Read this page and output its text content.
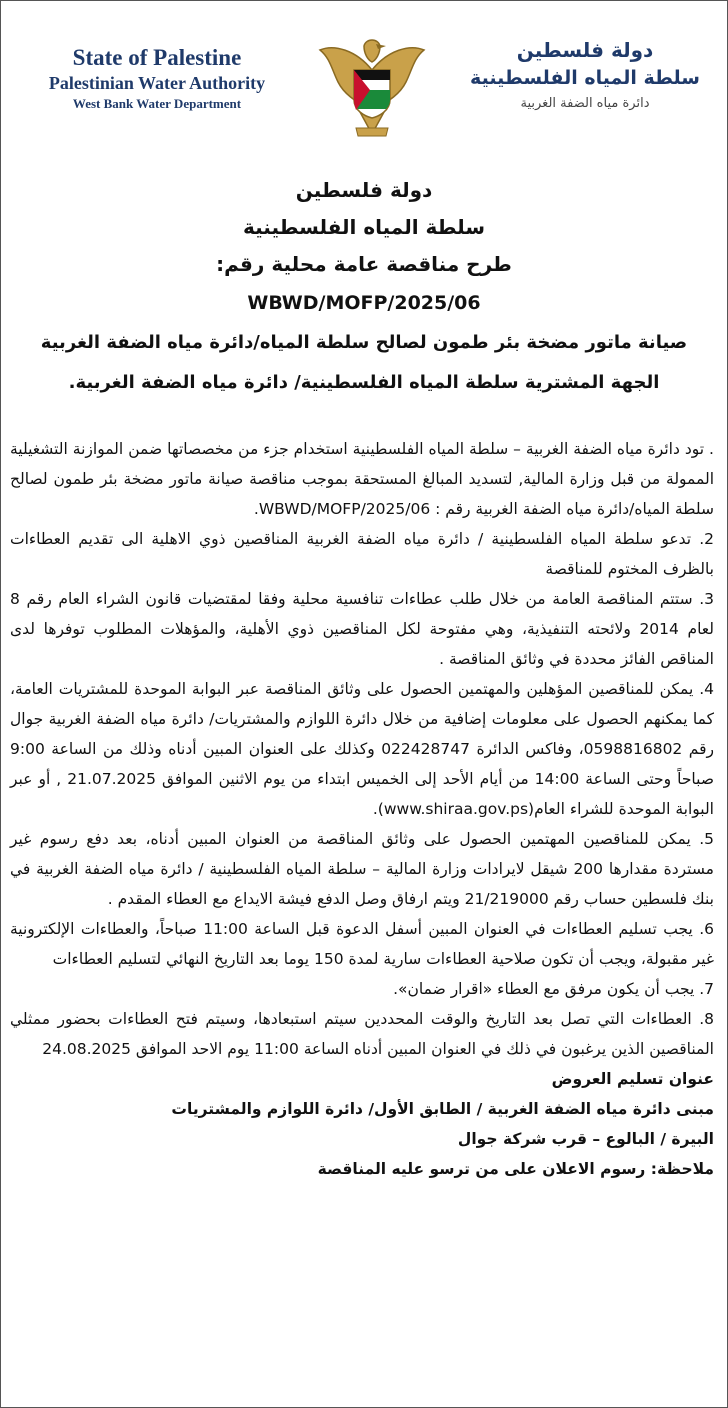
State of Palestine
Palestinian Water Authority
West Bank Water Department
دولة فلسطين
سلطة المياه الفلسطينية
دائرة مياه الضفة الغربية
دولة فلسطين
سلطة المياه الفلسطينية
طرح مناقصة عامة محلية رقم:
WBWD/MOFP/2025/06
صيانة ماتور مضخة بئر طمون لصالح سلطة المياه/دائرة مياه الضفة الغربية
الجهة المشترية سلطة المياه الفلسطينية/ دائرة مياه الضفة الغربية.

. تود دائرة مياه الضفة الغربية – سلطة المياه الفلسطينية استخدام جزء من مخصصاتها ضمن الموازنة التشغيلية الممولة من قبل وزارة المالية, لتسديد المبالغ المستحقة بموجب مناقصة صيانة ماتور مضخة بئر طمون لصالح سلطة المياه/دائرة مياه الضفة الغربية رقم : WBWD/MOFP/2025/06.

2. تدعو سلطة المياه الفلسطينية / دائرة مياه الضفة الغربية المناقصين ذوي الاهلية الى تقديم العطاءات بالظرف المختوم للمناقصة

3. ستتم المناقصة العامة من خلال طلب عطاءات تنافسية محلية وفقا لمقتضيات قانون الشراء العام رقم 8 لعام 2014 ولائحته التنفيذية، وهي مفتوحة لكل المناقصين ذوي الأهلية، والمؤهلات المطلوب توفرها لدى المناقص الفائز محددة في وثائق المناقصة .

4. يمكن للمناقصين المؤهلين والمهتمين الحصول على وثائق المناقصة عبر البوابة الموحدة للمشتريات العامة، كما يمكنهم الحصول على معلومات إضافية من خلال دائرة اللوازم والمشتريات/ دائرة مياه الضفة الغربية جوال رقم 0598816802، وفاكس الدائرة 022428747 وكذلك على العنوان المبين أدناه وذلك من الساعة 9:00 صباحاً وحتى الساعة 14:00 من أيام الأحد إلى الخميس ابتداء من يوم الاثنين الموافق 21.07.2025 , أو عبر البوابة الموحدة للشراء العام(www.shiraa.gov.ps).

5. يمكن للمناقصين المهتمين الحصول على وثائق المناقصة من العنوان المبين أدناه، بعد دفع رسوم غير مستردة مقدارها 200 شيقل لايرادات وزارة المالية – سلطة المياه الفلسطينية / دائرة مياه الضفة الغربية في بنك فلسطين حساب رقم 21/219000 ويتم ارفاق وصل الدفع فيشة الايداع مع العطاء المقدم .

6. يجب تسليم العطاءات في العنوان المبين أسفل الدعوة قبل الساعة 11:00 صباحاً، والعطاءات الإلكترونية غير مقبولة، ويجب أن تكون صلاحية العطاءات سارية لمدة 150 يوما بعد التاريخ النهائي لتسليم العطاءات

7. يجب أن يكون مرفق مع العطاء «اقرار ضمان».

8. العطاءات التي تصل بعد التاريخ والوقت المحددين سيتم استبعادها، وسيتم فتح العطاءات بحضور ممثلي المناقصين الذين يرغبون في ذلك في العنوان المبين أدناه الساعة 11:00 يوم الاحد الموافق 24.08.2025

عنوان تسليم العروض

مبنى دائرة مياه الضفة الغربية / الطابق الأول/ دائرة اللوازم والمشتريات

البيرة / البالوع – قرب شركة جوال

ملاحظة: رسوم الاعلان على من ترسو عليه المناقصة
